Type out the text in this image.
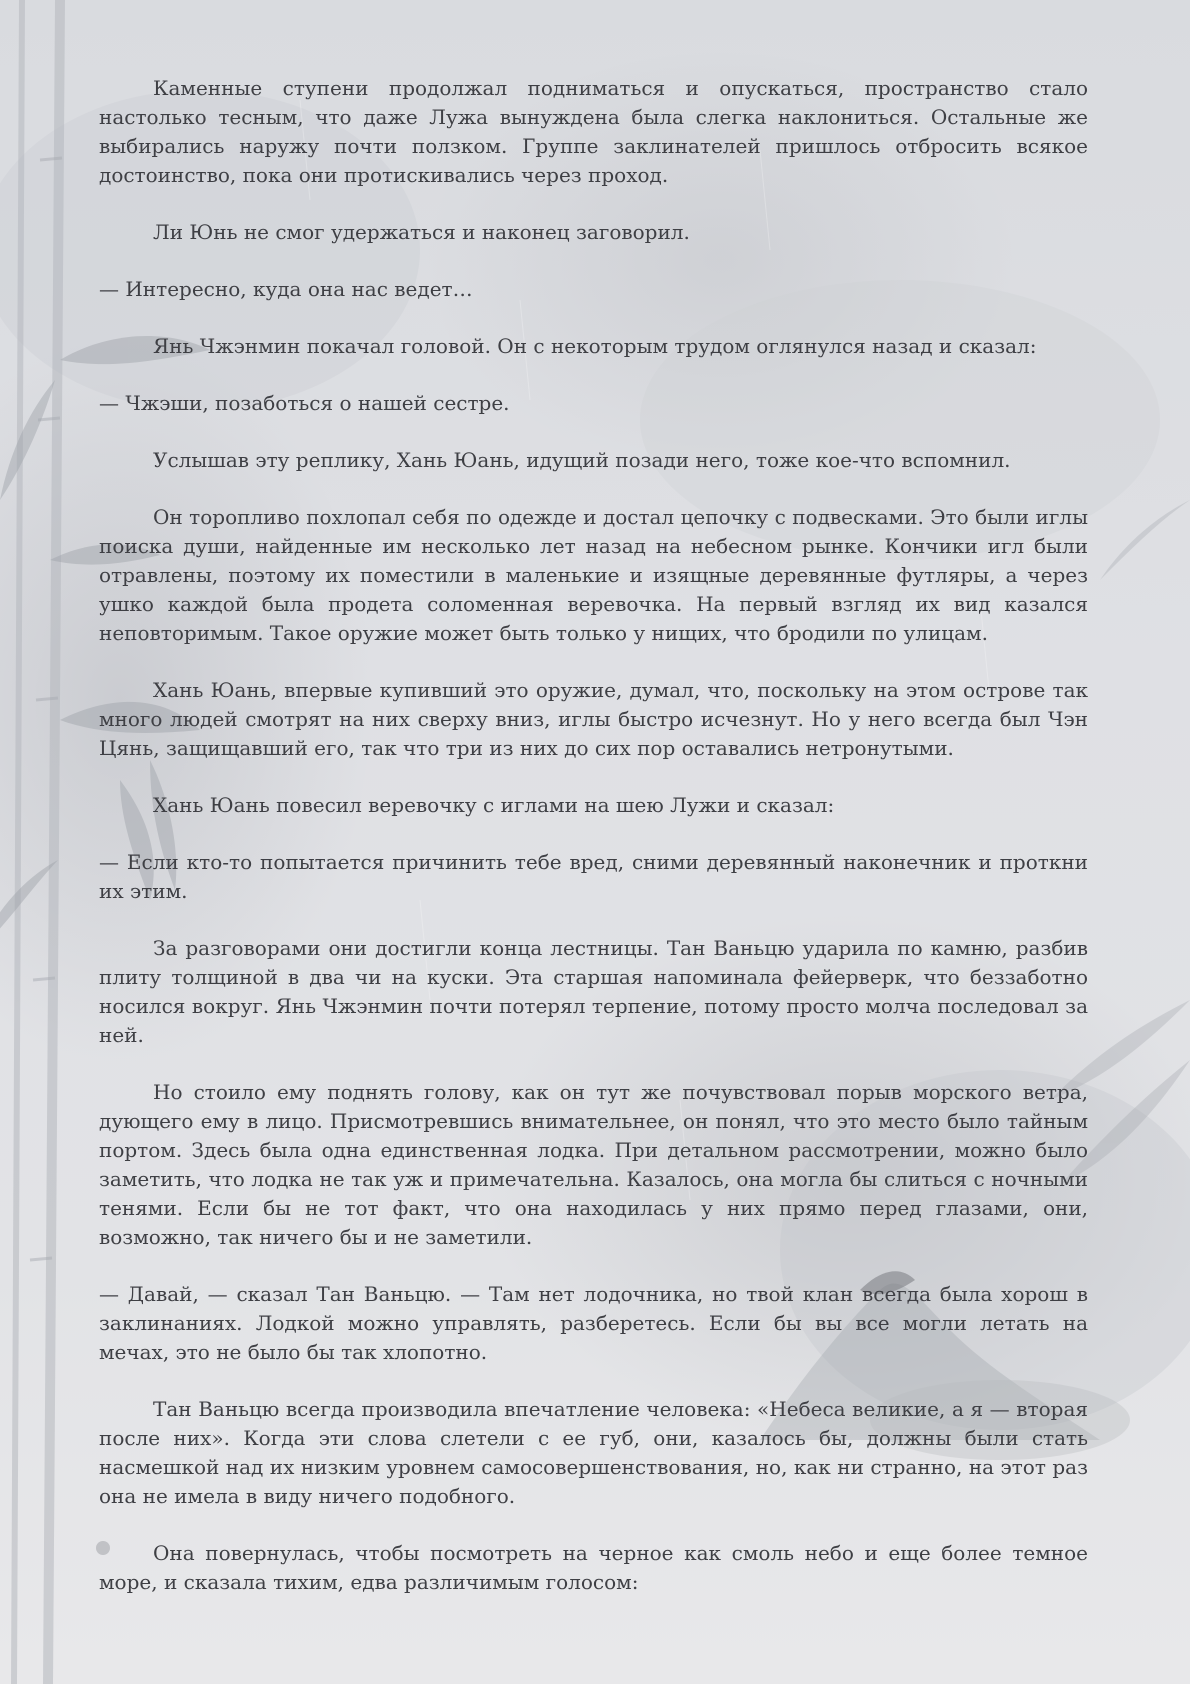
Каменные ступени продолжал подниматься и опускаться, пространство стало настолько тесным, что даже Лужа вынуждена была слегка наклониться. Остальные же выбирались наружу почти ползком. Группе заклинателей пришлось отбросить всякое достоинство, пока они протискивались через проход.

Ли Юнь не смог удержаться и наконец заговорил.

— Интересно, куда она нас ведет…

Янь Чжэнмин покачал головой. Он с некоторым трудом оглянулся назад и сказал:

— Чжэши, позаботься о нашей сестре.

Услышав эту реплику, Хань Юань, идущий позади него, тоже кое-что вспомнил.

Он торопливо похлопал себя по одежде и достал цепочку с подвесками. Это были иглы поиска души, найденные им несколько лет назад на небесном рынке. Кончики игл были отравлены, поэтому их поместили в маленькие и изящные деревянные футляры, а через ушко каждой была продета соломенная веревочка. На первый взгляд их вид казался неповторимым. Такое оружие может быть только у нищих, что бродили по улицам.

Хань Юань, впервые купивший это оружие, думал, что, поскольку на этом острове так много людей смотрят на них сверху вниз, иглы быстро исчезнут. Но у него всегда был Чэн Цянь, защищавший его, так что три из них до сих пор оставались нетронутыми.

Хань Юань повесил веревочку с иглами на шею Лужи и сказал:

— Если кто-то попытается причинить тебе вред, сними деревянный наконечник и проткни их этим.

За разговорами они достигли конца лестницы. Тан Ваньцю ударила по камню, разбив плиту толщиной в два чи на куски. Эта старшая напоминала фейерверк, что беззаботно носился вокруг. Янь Чжэнмин почти потерял терпение, потому просто молча последовал за ней.

Но стоило ему поднять голову, как он тут же почувствовал порыв морского ветра, дующего ему в лицо. Присмотревшись внимательнее, он понял, что это место было тайным портом. Здесь была одна единственная лодка. При детальном рассмотрении, можно было заметить, что лодка не так уж и примечательна. Казалось, она могла бы слиться с ночными тенями. Если бы не тот факт, что она находилась у них прямо перед глазами, они, возможно, так ничего бы и не заметили.

— Давай, — сказал Тан Ваньцю. — Там нет лодочника, но твой клан всегда была хорош в заклинаниях. Лодкой можно управлять, разберетесь. Если бы вы все могли летать на мечах, это не было бы так хлопотно.

Тан Ваньцю всегда производила впечатление человека: «Небеса великие, а я — вторая после них». Когда эти слова слетели с ее губ, они, казалось бы, должны были стать насмешкой над их низким уровнем самосовершенствования, но, как ни странно, на этот раз она не имела в виду ничего подобного.

Она повернулась, чтобы посмотреть на черное как смоль небо и еще более темное море, и сказала тихим, едва различимым голосом:
